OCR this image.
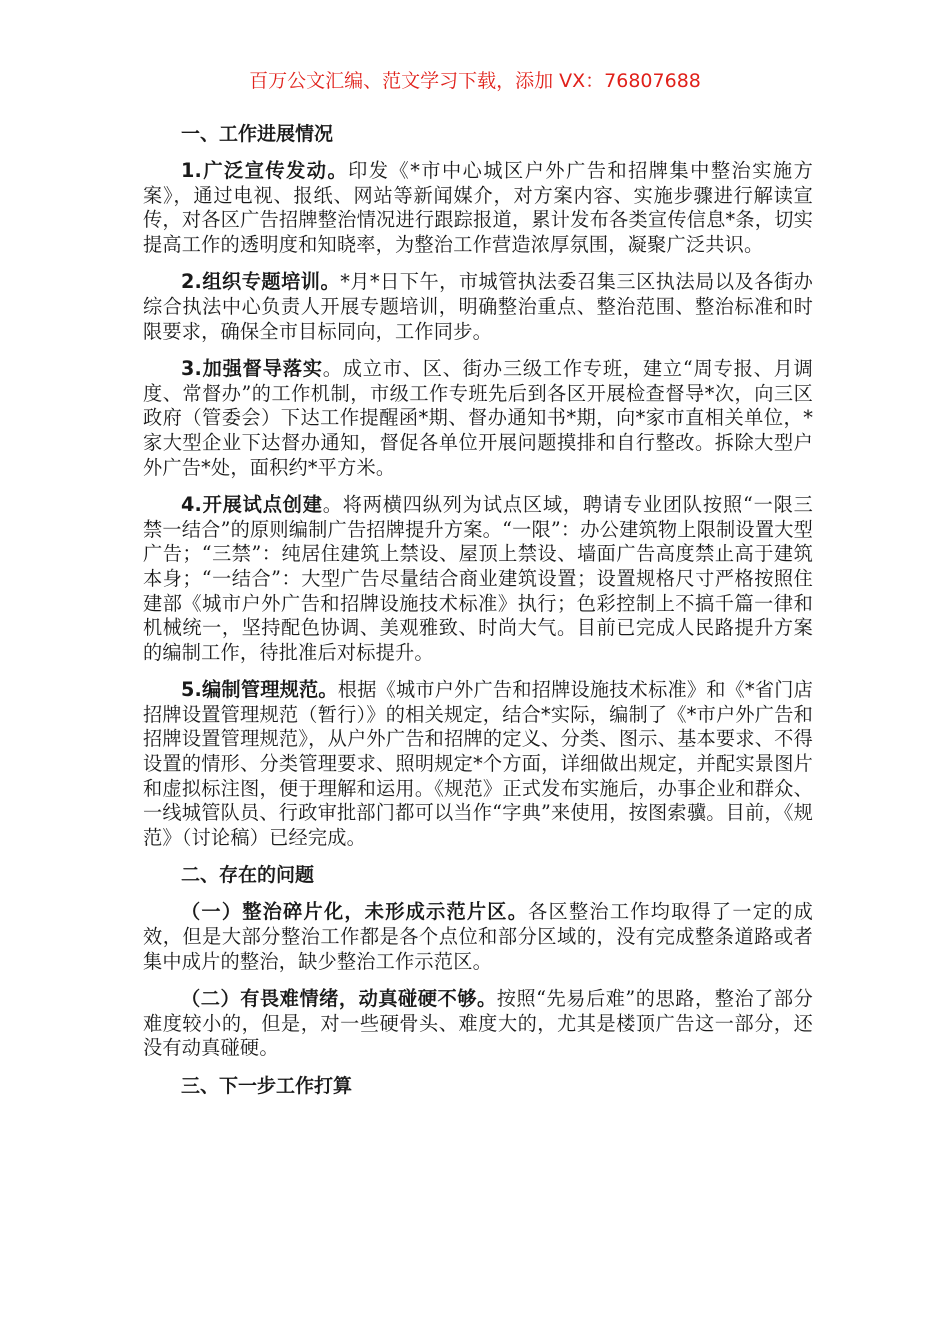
百万公文汇编、范文学习下载，添加 VX：76807688
一、工作进展情况

1.广泛宣传发动。印发《*市中心城区户外广告和招牌集中整治实施方案》，通过电视、报纸、网站等新闻媒介，对方案内容、实施步骤进行解读宣传，对各区广告招牌整治情况进行跟踪报道，累计发布各类宣传信息*条，切实提高工作的透明度和知晓率，为整治工作营造浓厚氛围，凝聚广泛共识。

2.组织专题培训。*月*日下午，市城管执法委召集三区执法局以及各街办综合执法中心负责人开展专题培训，明确整治重点、整治范围、整治标准和时限要求，确保全市目标同向，工作同步。

3.加强督导落实。成立市、区、街办三级工作专班，建立“周专报、月调度、常督办”的工作机制，市级工作专班先后到各区开展检查督导*次，向三区政府（管委会）下达工作提醒函*期、督办通知书*期，向*家市直相关单位，*家大型企业下达督办通知，督促各单位开展问题摸排和自行整改。拆除大型户外广告*处，面积约*平方米。

4.开展试点创建。将两横四纵列为试点区域，聘请专业团队按照“一限三禁一结合”的原则编制广告招牌提升方案。“一限”：办公建筑物上限制设置大型广告；“三禁”：纯居住建筑上禁设、屋顶上禁设、墙面广告高度禁止高于建筑本身；“一结合”：大型广告尽量结合商业建筑设置；设置规格尺寸严格按照住建部《城市户外广告和招牌设施技术标准》执行；色彩控制上不搞千篇一律和机械统一，坚持配色协调、美观雅致、时尚大气。目前已完成人民路提升方案的编制工作，待批准后对标提升。

5.编制管理规范。根据《城市户外广告和招牌设施技术标准》和《*省门店招牌设置管理规范（暂行）》的相关规定，结合*实际，编制了《*市户外广告和招牌设置管理规范》，从户外广告和招牌的定义、分类、图示、基本要求、不得设置的情形、分类管理要求、照明规定*个方面，详细做出规定，并配实景图片和虚拟标注图，便于理解和运用。《规范》正式发布实施后，办事企业和群众、一线城管队员、行政审批部门都可以当作“字典”来使用，按图索骥。目前，《规范》（讨论稿）已经完成。

二、存在的问题

（一）整治碎片化，未形成示范片区。各区整治工作均取得了一定的成效，但是大部分整治工作都是各个点位和部分区域的，没有完成整条道路或者集中成片的整治，缺少整治工作示范区。

（二）有畏难情绪，动真碰硬不够。按照“先易后难”的思路，整治了部分难度较小的，但是，对一些硬骨头、难度大的，尤其是楼顶广告这一部分，还没有动真碰硬。

三、下一步工作打算
